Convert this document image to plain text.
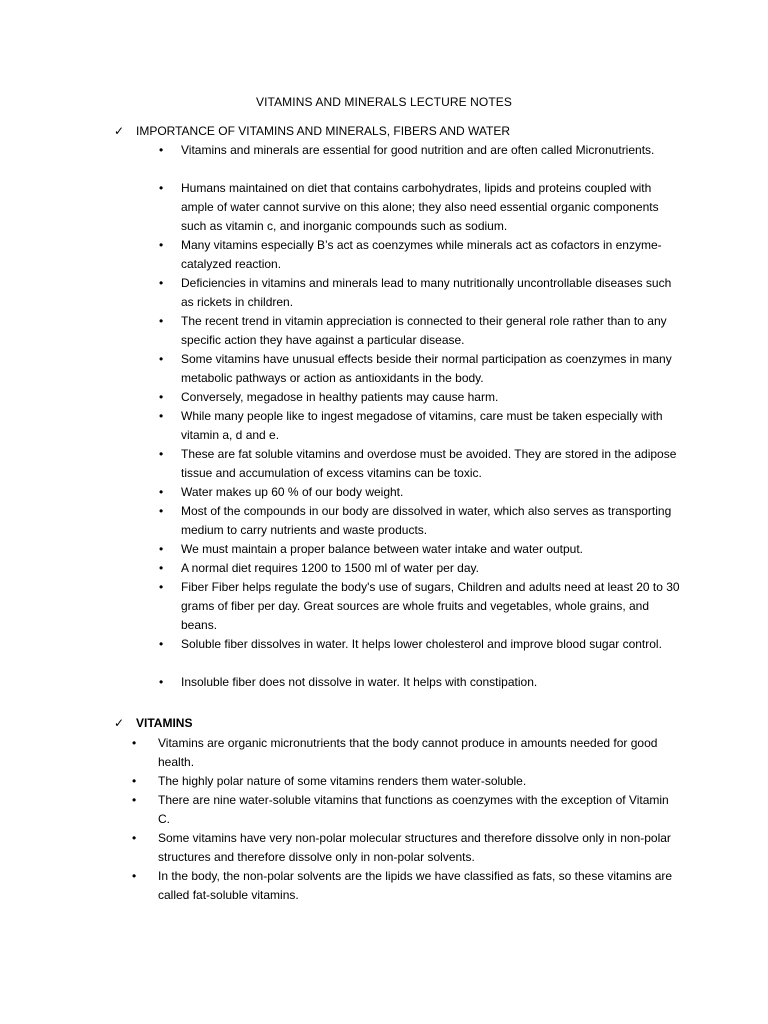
VITAMINS AND MINERALS LECTURE NOTES
✓ IMPORTANCE OF VITAMINS AND MINERALS, FIBERS AND WATER
• Vitamins and minerals are essential for good nutrition and are often called Micronutrients.
• Humans maintained on diet that contains carbohydrates, lipids and proteins coupled with ample of water cannot survive on this alone; they also need essential organic components such as vitamin c, and inorganic compounds such as sodium.
• Many vitamins especially B’s act as coenzymes while minerals act as cofactors in enzyme-catalyzed reaction.
• Deficiencies in vitamins and minerals lead to many nutritionally uncontrollable diseases such as rickets in children.
• The recent trend in vitamin appreciation is connected to their general role rather than to any specific action they have against a particular disease.
• Some vitamins have unusual effects beside their normal participation as coenzymes in many metabolic pathways or action as antioxidants in the body.
• Conversely, megadose in healthy patients may cause harm.
• While many people like to ingest megadose of vitamins, care must be taken especially with vitamin a, d and e.
• These are fat soluble vitamins and overdose must be avoided. They are stored in the adipose tissue and accumulation of excess vitamins can be toxic.
• Water makes up 60 % of our body weight.
• Most of the compounds in our body are dissolved in water, which also serves as transporting medium to carry nutrients and waste products.
• We must maintain a proper balance between water intake and water output.
• A normal diet requires 1200 to 1500 ml of water per day.
• Fiber Fiber helps regulate the body's use of sugars, Children and adults need at least 20 to 30 grams of fiber per day. Great sources are whole fruits and vegetables, whole grains, and beans.
• Soluble fiber dissolves in water. It helps lower cholesterol and improve blood sugar control.
• Insoluble fiber does not dissolve in water. It helps with constipation.
✓ VITAMINS
• Vitamins are organic micronutrients that the body cannot produce in amounts needed for good health.
• The highly polar nature of some vitamins renders them water-soluble.
• There are nine water-soluble vitamins that functions as coenzymes with the exception of Vitamin C.
• Some vitamins have very non-polar molecular structures and therefore dissolve only in non-polar structures and therefore dissolve only in non-polar solvents.
• In the body, the non-polar solvents are the lipids we have classified as fats, so these vitamins are called fat-soluble vitamins.
